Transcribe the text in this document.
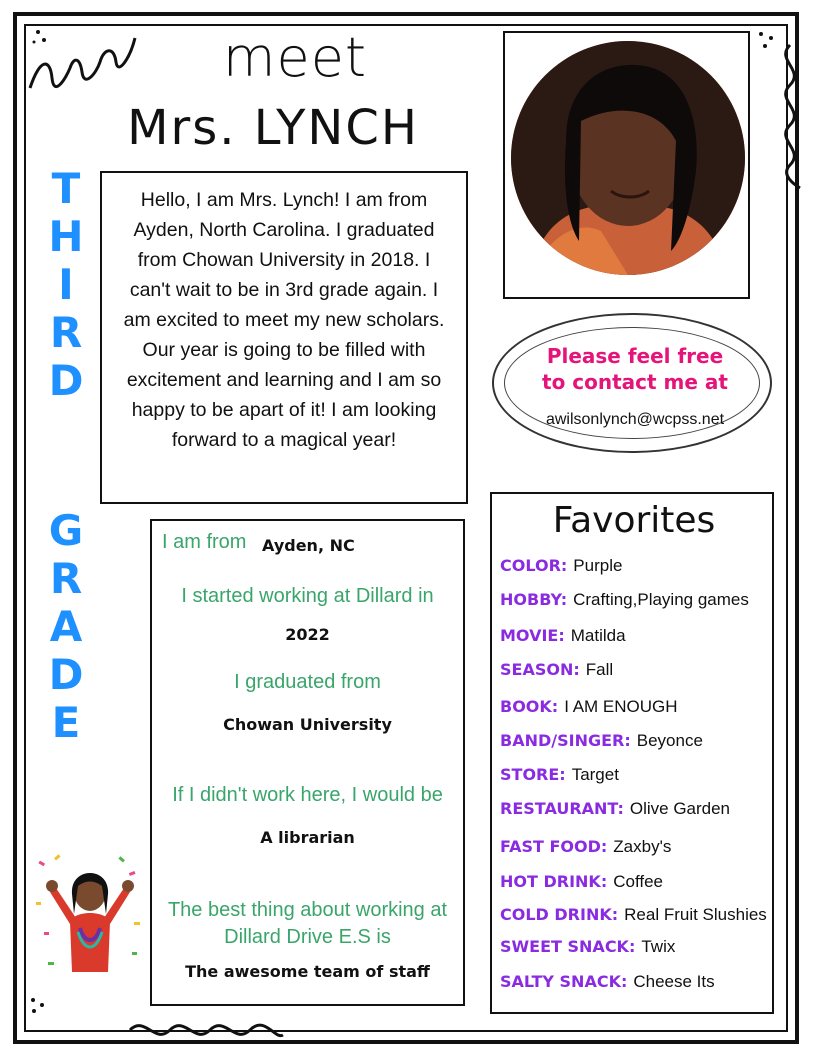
meet
Mrs. LYNCH
T
H
I
R
D
G
R
A
D
E
Hello, I am Mrs. Lynch! I am from Ayden, North Carolina. I graduated from Chowan University in 2018. I can't wait to be in 3rd grade again. I am excited to meet my new scholars. Our year is going to be filled with excitement and learning and I am so happy to be apart of it! I am looking forward to a magical year!
Please feel free
to contact me at
awilsonlynch@wcpss.net
I am from Ayden, NC
I started working at Dillard in
2022
I graduated from
Chowan University
If I didn't work here, I would be
A librarian
The best thing about working at
Dillard Drive E.S is
The awesome team of staff
Favorites
COLOR: Purple
HOBBY: Crafting,Playing games
MOVIE: Matilda
SEASON: Fall
BOOK: I AM ENOUGH
BAND/SINGER: Beyonce
STORE: Target
RESTAURANT: Olive Garden
FAST FOOD: Zaxby's
HOT DRINK: Coffee
COLD DRINK: Real Fruit Slushies
SWEET SNACK: Twix
SALTY SNACK: Cheese Its
